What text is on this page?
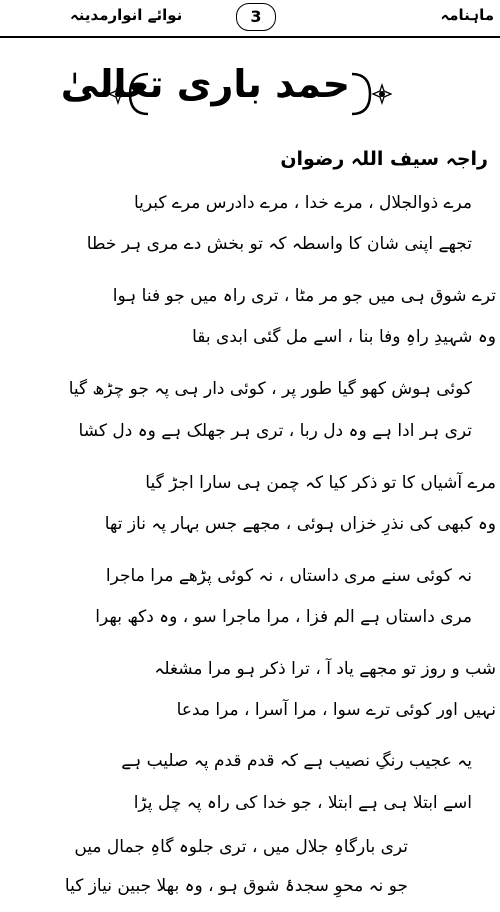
ماہنامہ
3
نوائے انوارمدینہ
حمد باری تعالیٰ
راجہ سیف اللہ رضوان
مرے ذوالجلال ، مرے خدا ، مرے دادرس مرے کبریا
تجھے اپنی شان کا واسطہ کہ تو بخش دے مری ہر خطا
ترے شوق ہی میں جو مر مٹا ، تری راہ میں جو فنا ہوا
وہ شہیدِ راہِ وفا بنا ، اسے مل گئی ابدی بقا
کوئی ہوش کھو گیا طور پر ، کوئی دار ہی پہ جو چڑھ گیا
تری ہر ادا ہے وہ دل ربا ، تری ہر جھلک ہے وہ دل کشا
مرے آشیاں کا تو ذکر کیا کہ چمن ہی سارا اجڑ گیا
وہ کبھی کی نذرِ خزاں ہوئی ، مجھے جس بہار پہ ناز تھا
نہ کوئی سنے مری داستاں ، نہ کوئی پڑھے مرا ماجرا
مری داستاں ہے الم فزا ، مرا ماجرا سو ، وہ دکھ بھرا
شب و روز تو مجھے یاد آ ، ترا ذکر ہو مرا مشغلہ
نہیں اور کوئی ترے سوا ، مرا آسرا ، مرا مدعا
یہ عجیب رنگِ نصیب ہے کہ قدم قدم پہ صلیب ہے
اسے ابتلا ہی ہے ابتلا ، جو خدا کی راہ پہ چل پڑا
تری بارگاہِ جلال میں ، تری جلوہ گاہِ جمال میں
جو نہ محوِ سجدۂ شوق ہو ، وہ بھلا جبین نیاز کیا
